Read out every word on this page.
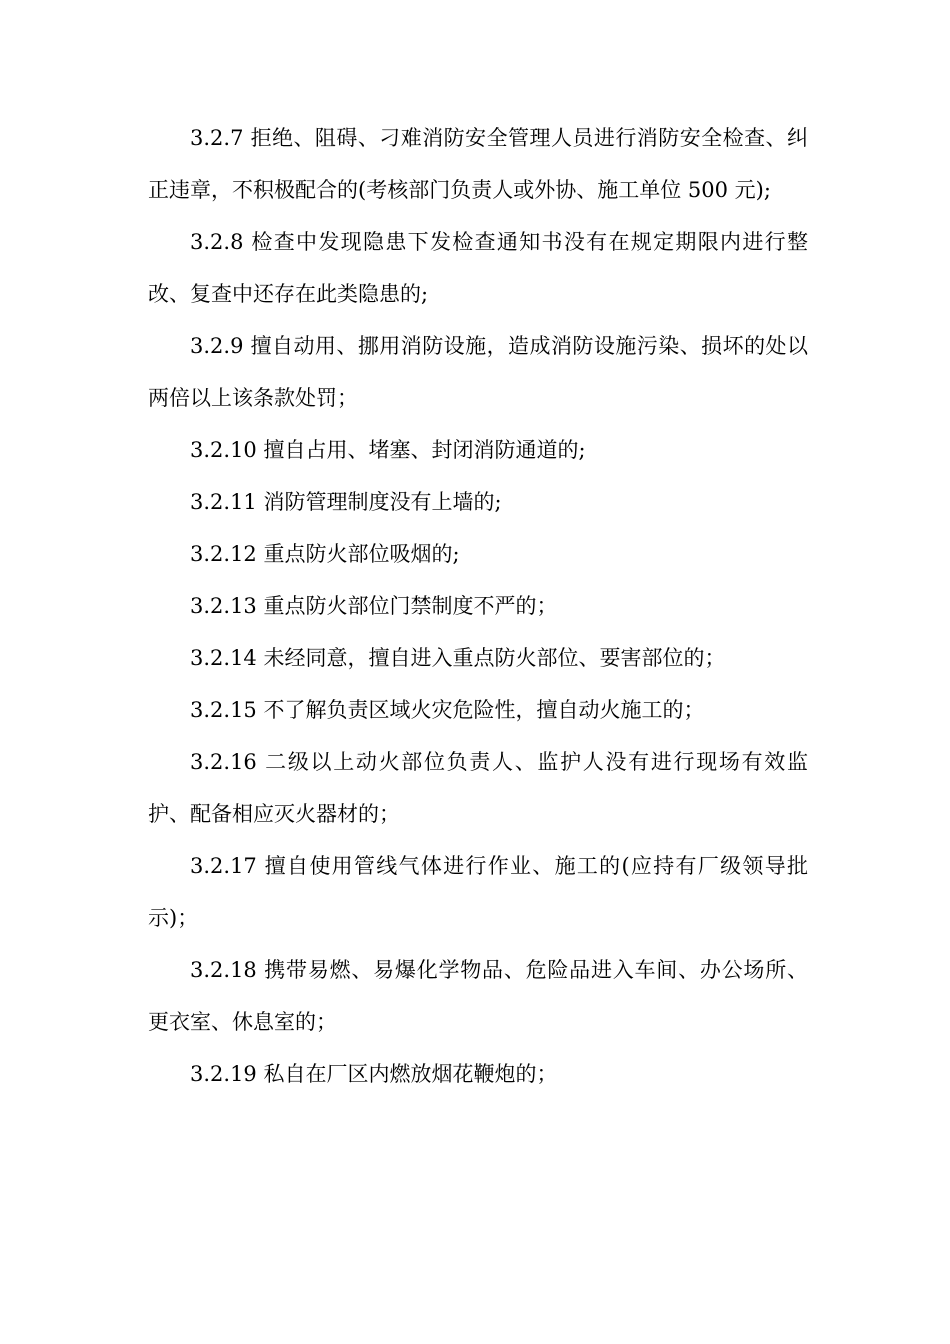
3.2.7 拒绝、阻碍、刁难消防安全管理人员进行消防安全检查、纠正违章，不积极配合的(考核部门负责人或外协、施工单位 500 元);

3.2.8 检查中发现隐患下发检查通知书没有在规定期限内进行整改、复查中还存在此类隐患的;

3.2.9 擅自动用、挪用消防设施，造成消防设施污染、损坏的处以两倍以上该条款处罚；

3.2.10 擅自占用、堵塞、封闭消防通道的;

3.2.11 消防管理制度没有上墙的;

3.2.12 重点防火部位吸烟的;

3.2.13 重点防火部位门禁制度不严的；

3.2.14 未经同意，擅自进入重点防火部位、要害部位的；

3.2.15 不了解负责区域火灾危险性，擅自动火施工的；

3.2.16 二级以上动火部位负责人、监护人没有进行现场有效监护、配备相应灭火器材的；

3.2.17 擅自使用管线气体进行作业、施工的(应持有厂级领导批示)；

3.2.18 携带易燃、易爆化学物品、危险品进入车间、办公场所、更衣室、休息室的；

3.2.19 私自在厂区内燃放烟花鞭炮的；
